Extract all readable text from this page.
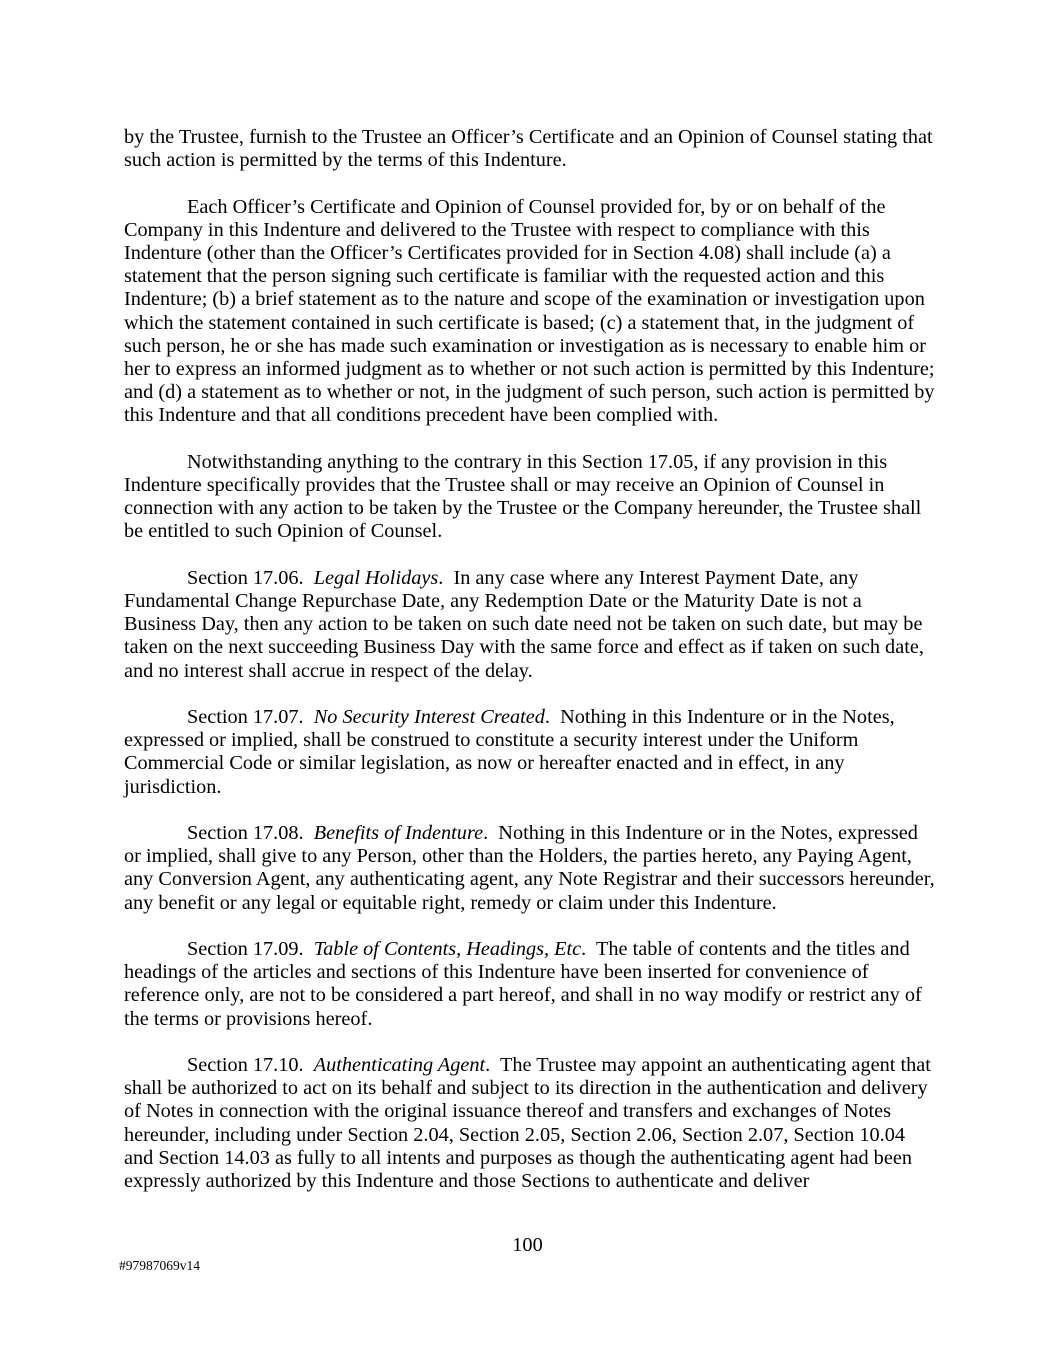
by the Trustee, furnish to the Trustee an Officer’s Certificate and an Opinion of Counsel stating that such action is permitted by the terms of this Indenture.

Each Officer’s Certificate and Opinion of Counsel provided for, by or on behalf of the Company in this Indenture and delivered to the Trustee with respect to compliance with this Indenture (other than the Officer’s Certificates provided for in Section 4.08) shall include (a) a statement that the person signing such certificate is familiar with the requested action and this Indenture; (b) a brief statement as to the nature and scope of the examination or investigation upon which the statement contained in such certificate is based; (c) a statement that, in the judgment of such person, he or she has made such examination or investigation as is necessary to enable him or her to express an informed judgment as to whether or not such action is permitted by this Indenture; and (d) a statement as to whether or not, in the judgment of such person, such action is permitted by this Indenture and that all conditions precedent have been complied with.

Notwithstanding anything to the contrary in this Section 17.05, if any provision in this Indenture specifically provides that the Trustee shall or may receive an Opinion of Counsel in connection with any action to be taken by the Trustee or the Company hereunder, the Trustee shall be entitled to such Opinion of Counsel.

Section 17.06.  Legal Holidays.  In any case where any Interest Payment Date, any Fundamental Change Repurchase Date, any Redemption Date or the Maturity Date is not a Business Day, then any action to be taken on such date need not be taken on such date, but may be taken on the next succeeding Business Day with the same force and effect as if taken on such date, and no interest shall accrue in respect of the delay.

Section 17.07.  No Security Interest Created.  Nothing in this Indenture or in the Notes, expressed or implied, shall be construed to constitute a security interest under the Uniform Commercial Code or similar legislation, as now or hereafter enacted and in effect, in any jurisdiction.

Section 17.08.  Benefits of Indenture.  Nothing in this Indenture or in the Notes, expressed or implied, shall give to any Person, other than the Holders, the parties hereto, any Paying Agent, any Conversion Agent, any authenticating agent, any Note Registrar and their successors hereunder, any benefit or any legal or equitable right, remedy or claim under this Indenture.

Section 17.09.  Table of Contents, Headings, Etc.  The table of contents and the titles and headings of the articles and sections of this Indenture have been inserted for convenience of reference only, are not to be considered a part hereof, and shall in no way modify or restrict any of the terms or provisions hereof.

Section 17.10.  Authenticating Agent.  The Trustee may appoint an authenticating agent that shall be authorized to act on its behalf and subject to its direction in the authentication and delivery of Notes in connection with the original issuance thereof and transfers and exchanges of Notes hereunder, including under Section 2.04, Section 2.05, Section 2.06, Section 2.07, Section 10.04 and Section 14.03 as fully to all intents and purposes as though the authenticating agent had been expressly authorized by this Indenture and those Sections to authenticate and deliver

100
#97987069v14
